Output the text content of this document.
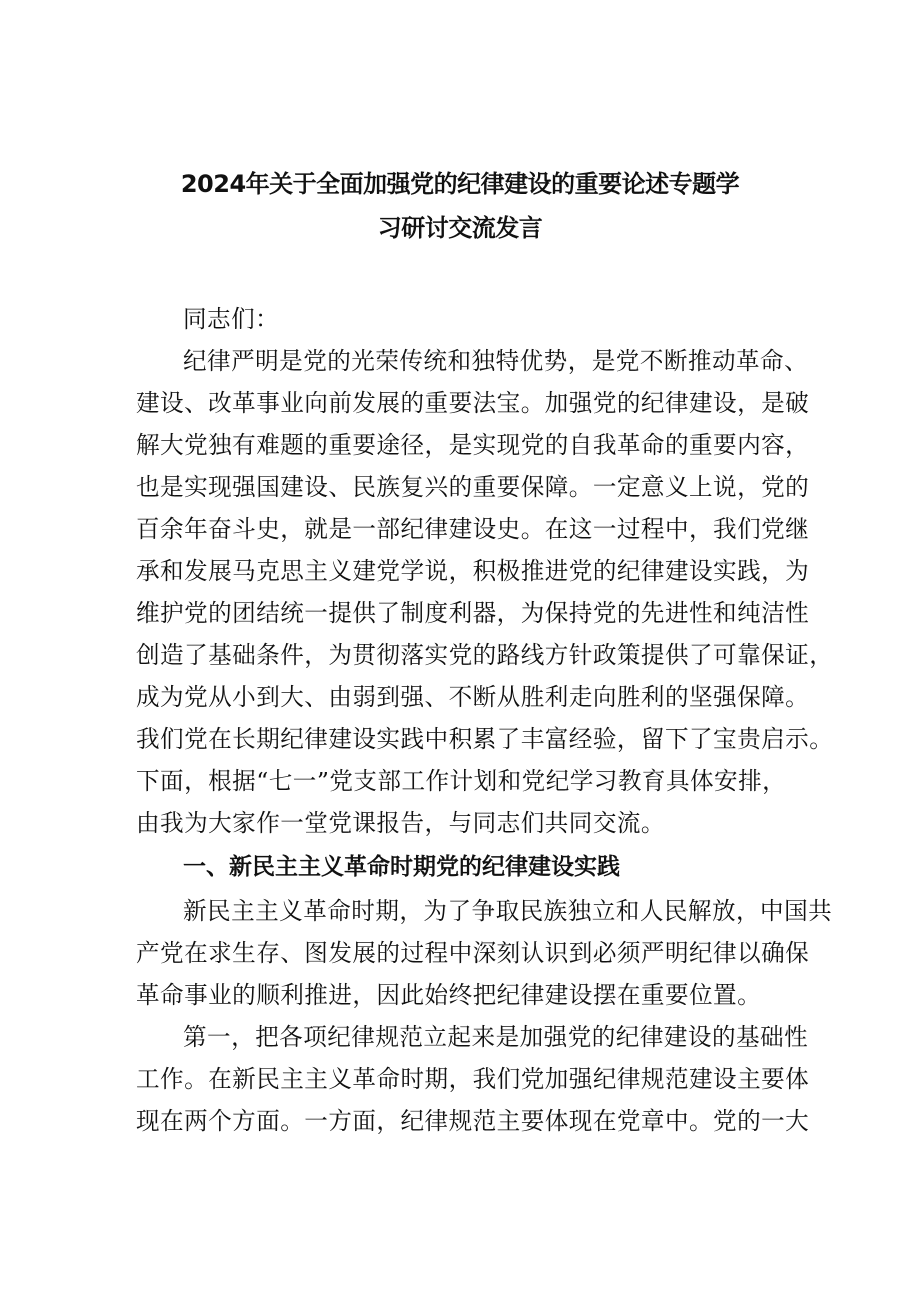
2024年关于全面加强党的纪律建设的重要论述专题学
习研讨交流发言
同志们：
纪律严明是党的光荣传统和独特优势，是党不断推动革命、
建设、改革事业向前发展的重要法宝。加强党的纪律建设，是破
解大党独有难题的重要途径，是实现党的自我革命的重要内容，
也是实现强国建设、民族复兴的重要保障。一定意义上说，党的
百余年奋斗史，就是一部纪律建设史。在这一过程中，我们党继
承和发展马克思主义建党学说，积极推进党的纪律建设实践，为
维护党的团结统一提供了制度利器，为保持党的先进性和纯洁性
创造了基础条件，为贯彻落实党的路线方针政策提供了可靠保证，
成为党从小到大、由弱到强、不断从胜利走向胜利的坚强保障。
我们党在长期纪律建设实践中积累了丰富经验，留下了宝贵启示。
下面，根据“七一”党支部工作计划和党纪学习教育具体安排，
由我为大家作一堂党课报告，与同志们共同交流。
一、新民主主义革命时期党的纪律建设实践
新民主主义革命时期，为了争取民族独立和人民解放，中国共
产党在求生存、图发展的过程中深刻认识到必须严明纪律以确保
革命事业的顺利推进，因此始终把纪律建设摆在重要位置。
第一，把各项纪律规范立起来是加强党的纪律建设的基础性
工作。在新民主主义革命时期，我们党加强纪律规范建设主要体
现在两个方面。一方面，纪律规范主要体现在党章中。党的一大
